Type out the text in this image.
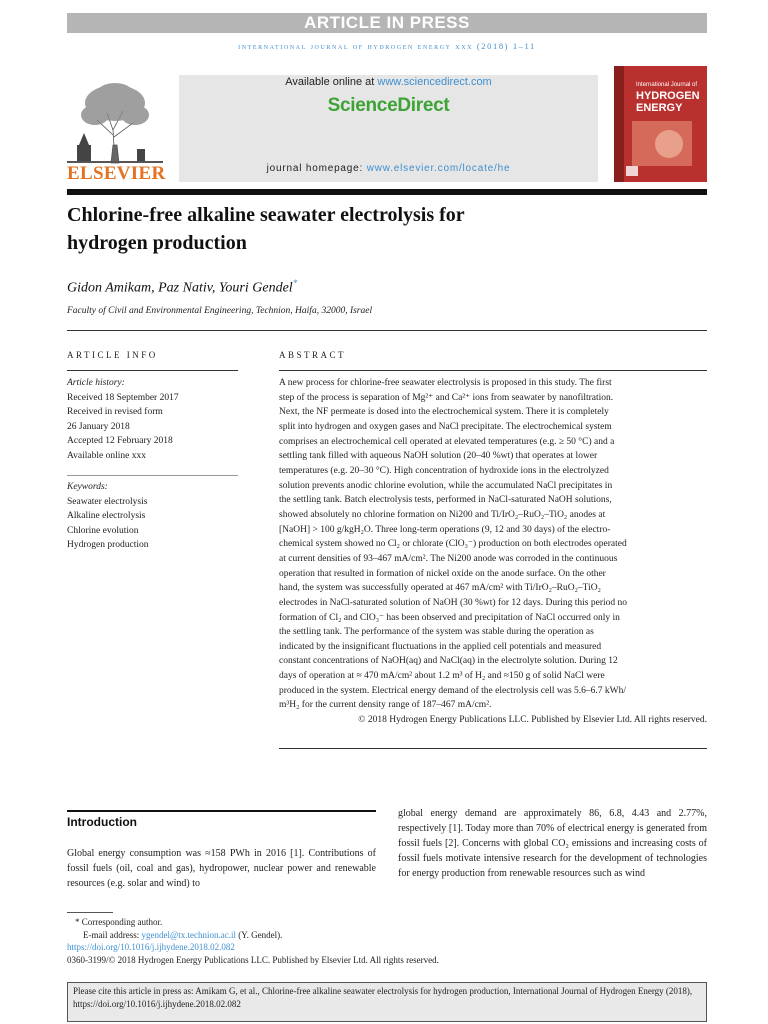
ARTICLE IN PRESS
international journal of hydrogen energy xxx (2018) 1–11
ELSEVIER
Available online at www.sciencedirect.com
ScienceDirect
journal homepage: www.elsevier.com/locate/he
International Journal of
HYDROGEN
ENERGY
Chlorine-free alkaline seawater electrolysis for
hydrogen production
Gidon Amikam, Paz Nativ, Youri Gendel*
Faculty of Civil and Environmental Engineering, Technion, Haifa, 32000, Israel
ARTICLE INFO
Article history:
Received 18 September 2017
Received in revised form
26 January 2018
Accepted 12 February 2018
Available online xxx
Keywords:
Seawater electrolysis
Alkaline electrolysis
Chlorine evolution
Hydrogen production
ABSTRACT
A new process for chlorine-free seawater electrolysis is proposed in this study. The first
step of the process is separation of Mg²⁺ and Ca²⁺ ions from seawater by nanofiltration.
Next, the NF permeate is dosed into the electrochemical system. There it is completely
split into hydrogen and oxygen gases and NaCl precipitate. The electrochemical system
comprises an electrochemical cell operated at elevated temperatures (e.g. ≥ 50 °C) and a
settling tank filled with aqueous NaOH solution (20–40 %wt) that operates at lower
temperatures (e.g. 20–30 °C). High concentration of hydroxide ions in the electrolyzed
solution prevents anodic chlorine evolution, while the accumulated NaCl precipitates in
the settling tank. Batch electrolysis tests, performed in NaCl-saturated NaOH solutions,
showed absolutely no chlorine formation on Ni200 and Ti/IrO₂–RuO₂–TiO₂ anodes at
[NaOH] > 100 g/kgH₂O. Three long-term operations (9, 12 and 30 days) of the electro-
chemical system showed no Cl₂ or chlorate (ClO₃⁻) production on both electrodes operated
at current densities of 93–467 mA/cm². The Ni200 anode was corroded in the continuous
operation that resulted in formation of nickel oxide on the anode surface. On the other
hand, the system was successfully operated at 467 mA/cm² with Ti/IrO₂–RuO₂–TiO₂
electrodes in NaCl-saturated solution of NaOH (30 %wt) for 12 days. During this period no
formation of Cl₂ and ClO₃⁻ has been observed and precipitation of NaCl occurred only in
the settling tank. The performance of the system was stable during the operation as
indicated by the insignificant fluctuations in the applied cell potentials and measured
constant concentrations of NaOH(aq) and NaCl(aq) in the electrolyte solution. During 12
days of operation at ≈ 470 mA/cm² about 1.2 m³ of H₂ and ≈150 g of solid NaCl were
produced in the system. Electrical energy demand of the electrolysis cell was 5.6–6.7 kWh/
m³H₂ for the current density range of 187–467 mA/cm².
© 2018 Hydrogen Energy Publications LLC. Published by Elsevier Ltd. All rights reserved.
Introduction
Global energy consumption was ≈158 PWh in 2016 [1]. Contributions of fossil fuels (oil, coal and gas), hydropower, nuclear power and renewable resources (e.g. solar and wind) to
global energy demand are approximately 86, 6.8, 4.43 and 2.77%, respectively [1]. Today more than 70% of electrical energy is generated from fossil fuels [2]. Concerns with global CO₂ emissions and increasing costs of fossil fuels motivate intensive research for the development of technologies for energy production from renewable resources such as wind
* Corresponding author.
E-mail address: ygendel@tx.technion.ac.il (Y. Gendel).
https://doi.org/10.1016/j.ijhydene.2018.02.082
0360-3199/© 2018 Hydrogen Energy Publications LLC. Published by Elsevier Ltd. All rights reserved.
Please cite this article in press as: Amikam G, et al., Chlorine-free alkaline seawater electrolysis for hydrogen production, International Journal of Hydrogen Energy (2018), https://doi.org/10.1016/j.ijhydene.2018.02.082
